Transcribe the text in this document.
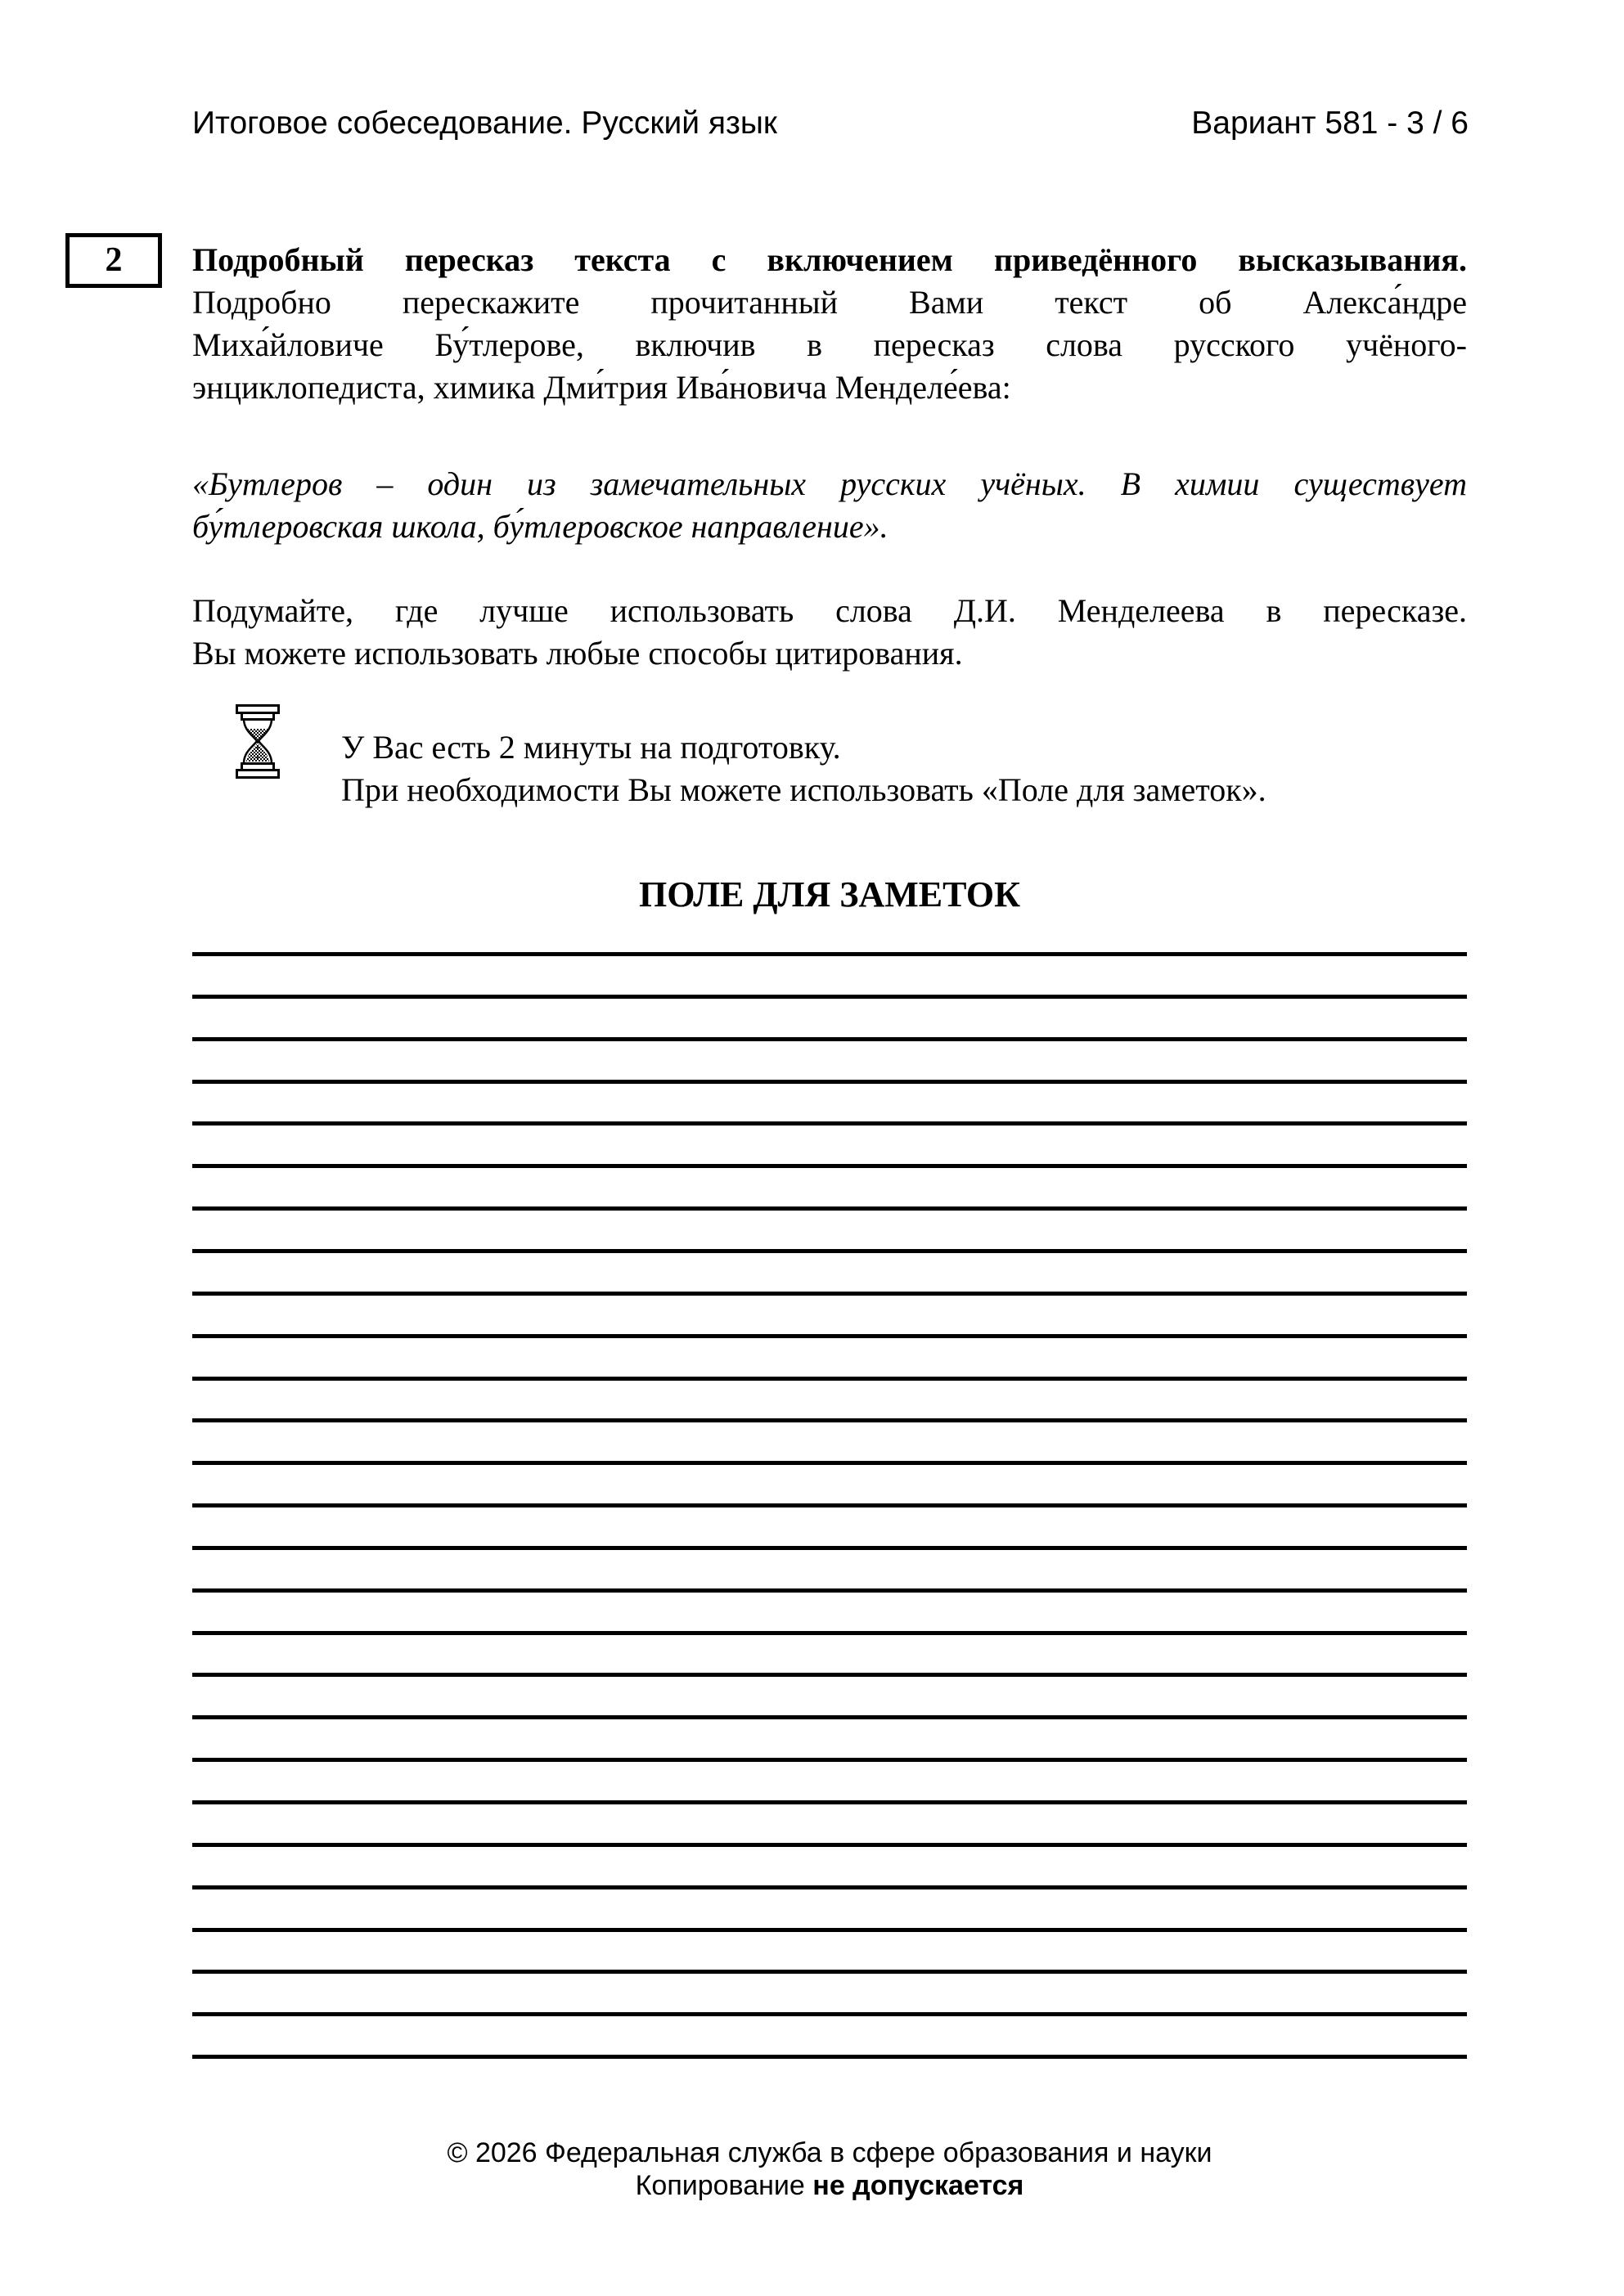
Итоговое собеседование. Русский язык	Вариант 581 - 3 / 6
2	Подробный пересказ текста с включением приведённого высказывания.
Подробно перескажите прочитанный Вами текст об Алекса́ндре
Миха́йловиче Бу́тлерове, включив в пересказ слова русского учёного-
энциклопедиста, химика Дми́трия Ива́новича Менделе́ева:
«Бутлеров – один из замечательных русских учёных. В химии существует
бу́тлеровская школа, бу́тлеровское направление».
Подумайте, где лучше использовать слова Д.И. Менделеева в пересказе.
Вы можете использовать любые способы цитирования.
У Вас есть 2 минуты на подготовку.
При необходимости Вы можете использовать «Поле для заметок».
ПОЛЕ ДЛЯ ЗАМЕТОК
© 2026 Федеральная служба в сфере образования и науки
Копирование не допускается
